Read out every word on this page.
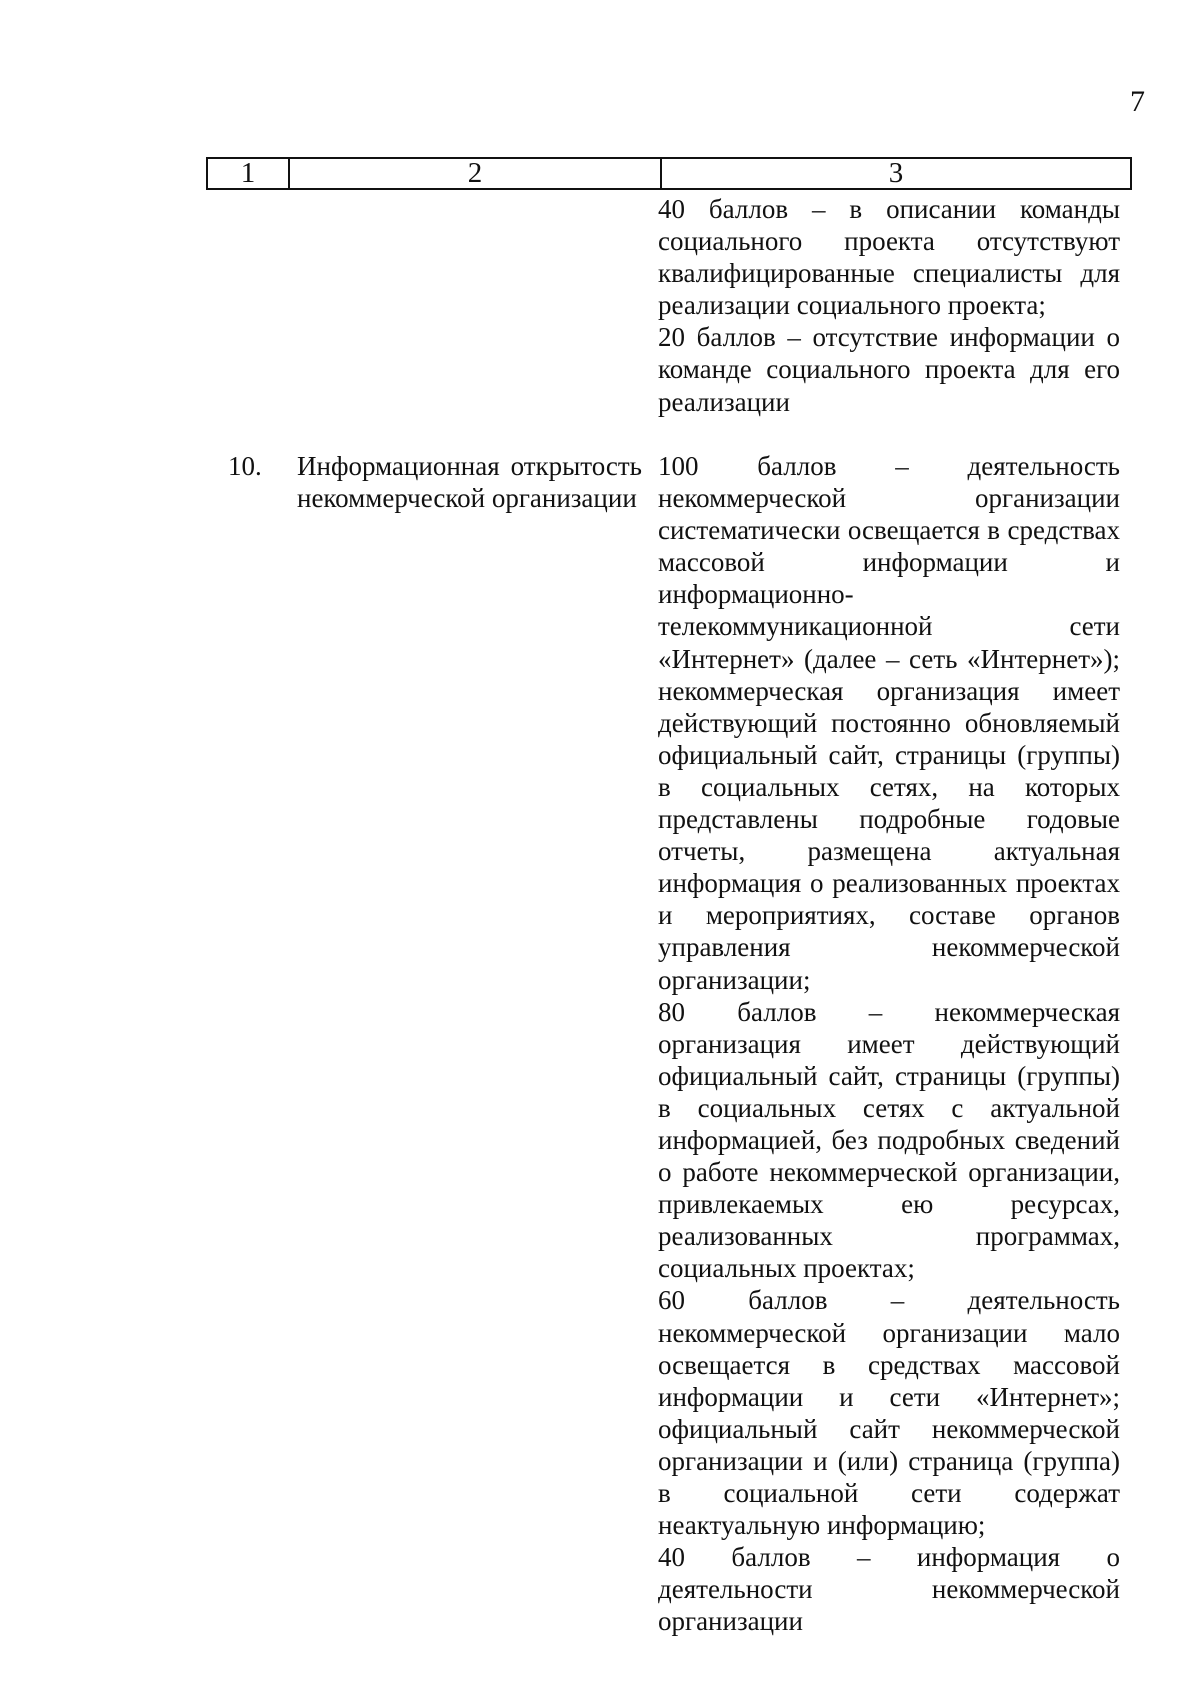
7
1	2	3

40 баллов – в описании команды социального проекта отсутствуют квалифицированные специалисты для реализации социального проекта;

20 баллов – отсутствие информации о команде социального проекта для его реализации

10. Информационная открытость некоммерческой организации

100 баллов – деятельность некоммерческой организации систематически освещается в средствах массовой информации и информационно-телекоммуникационной сети «Интернет» (далее – сеть «Интернет»); некоммерческая организация имеет действующий постоянно обновляемый официальный сайт, страницы (группы) в социальных сетях, на которых представлены подробные годовые отчеты, размещена актуальная информация о реализованных проектах и мероприятиях, составе органов управления некоммерческой организации;

80 баллов – некоммерческая организация имеет действующий официальный сайт, страницы (группы) в социальных сетях с актуальной информацией, без подробных сведений о работе некоммерческой организации, привлекаемых ею ресурсах, реализованных программах, социальных проектах;

60 баллов – деятельность некоммерческой организации мало освещается в средствах массовой информации и сети «Интернет»; официальный сайт некоммерческой организации и (или) страница (группа) в социальной сети содержат неактуальную информацию;

40 баллов – информация о деятельности некоммерческой организации
